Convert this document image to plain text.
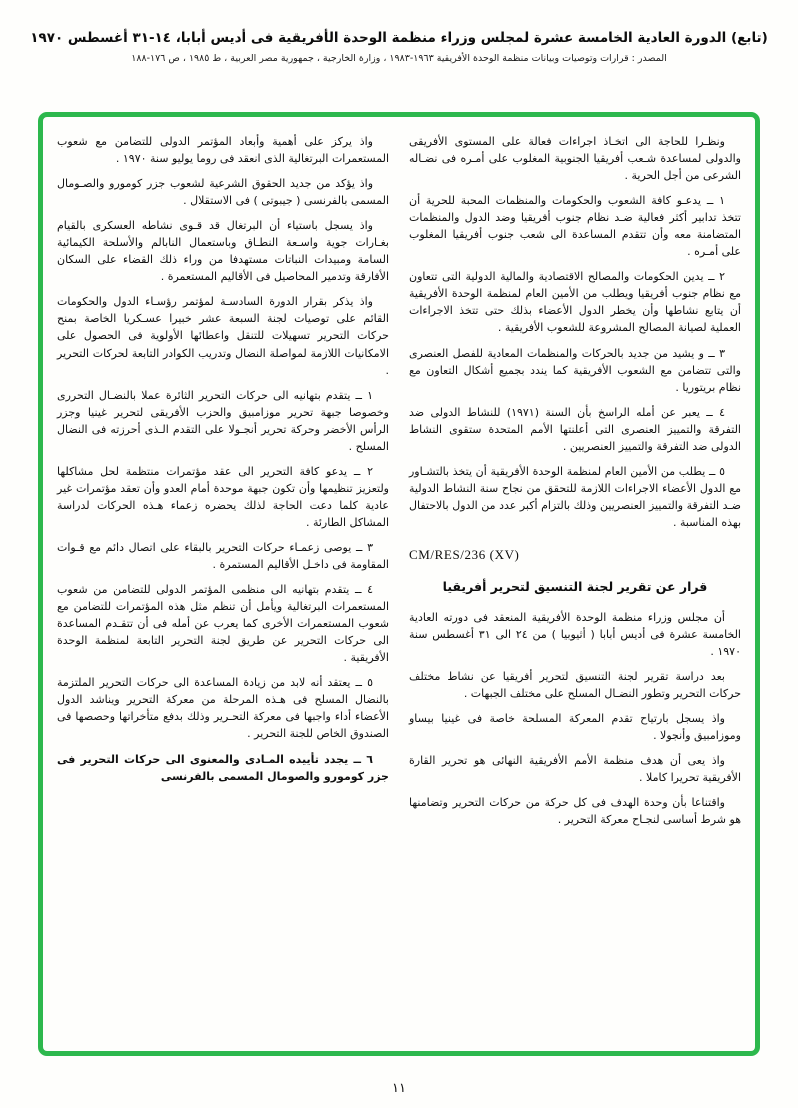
(تابع) الدورة العادية الخامسة عشرة لمجلس وزراء منظمة الوحدة الأفريقية فى أديس أبابا، ١٤-٣١ أغسطس ١٩٧٠
المصدر : قرارات وتوصيات وبيانات منظمة الوحدة الأفريقية ١٩٦٣-١٩٨٣ ، وزارة الخارجية ، جمهورية مصر العربية ، ط ١٩٨٥ ، ص ١٧٦-١٨٨

ونظـرا للحاجة الى اتخـاذ اجراءات فعالة على المستوى الأفريقى والدولى لمساعدة شـعب أفريقيا الجنوبية المغلوب على أمـره فى نضـاله الشرعى من أجل الحرية .

١ ــ يدعـو كافة الشعوب والحكومات والمنظمات المحبة للحرية أن تتخذ تدابير أكثر فعالية ضـد نظام جنوب أفريقيا وضد الدول والمنظمات المتضامنة معه وأن تتقدم المساعدة الى شعب جنوب أفريقيا المغلوب على أمـره .

٢ ــ يدين الحكومات والمصالح الاقتصادية والمالية الدولية التى تتعاون مع نظام جنوب أفريقيا ويطلب من الأمين العام لمنظمة الوحدة الأفريقية أن يتابع نشاطها وأن يخطر الدول الأعضاء بذلك حتى تتخذ الاجراءات العملية لصيانة المصالح المشروعة للشعوب الأفريقية .

٣ ــ و يشيد من جديد بالحركات والمنظمات المعادية للفصل العنصرى والتى تتضامن مع الشعوب الأفريقية كما يندد بجميع أشكال التعاون مع نظام بريتوريا .

٤ ــ يعبر عن أمله الراسخ بأن السنة (١٩٧١) للنشاط الدولى ضد التفرقة والتمييز العنصرى التى أعلنتها الأمم المتحدة ستقوى النشاط الدولى ضد التفرقة والتمييز العنصريين .

٥ ــ يطلب من الأمين العام لمنظمة الوحدة الأفريقية أن يتخذ بالتشـاور مع الدول الأعضاء الاجراءات اللازمة للتحقق من نجاح سنة النشاط الدولية ضـد التفرقة والتمييز العنصريين وذلك بالتزام أكبر عدد من الدول بالاحتفال بهذه المناسبة .

CM/RES/236 (XV)
قرار عن تقرير لجنة التنسيق لتحرير أفريقيا

أن مجلس وزراء منظمة الوحدة الأفريقية المنعقد فى دورته العادية الخامسة عشرة فى أديس أبابا ( أثيوبيا ) من ٢٤ الى ٣١ أغسطس سنة ١٩٧٠ .

بعد دراسة تقرير لجنة التنسيق لتحرير أفريقيا عن نشاط مختلف حركات التحرير وتطور النضـال المسلح على مختلف الجبهات .

واذ يسجل بارتياح تقدم المعركة المسلحة خاصة فى غينيا بيساو وموزامبيق وأنجولا .

واذ يعى أن هدف منظمة الأمم الأفريقية النهائى هو تحرير القارة الأفريقية تحريرا كاملا .

واقتناعا بأن وحدة الهدف فى كل حركة من حركات التحرير وتضامنها هو شرط أساسى لنجـاح معركة التحرير .

واذ يركز على أهمية وأبعاد المؤتمر الدولى للتضامن مع شعوب المستعمرات البرتغالية الذى انعقد فى روما يوليو سنة ١٩٧٠ .

واذ يؤكد من جديد الحقوق الشرعية لشعوب جزر كومورو والصـومال المسمى بالفرنسى ( جيبوتى ) فى الاستقلال .

واذ يسجل باستياء أن البرتغال قد قـوى نشاطه العسكرى بالقيام بغـارات جوية واسـعة النطـاق وباستعمال النابالم والأسلحة الكيمائية السامة ومبيدات النباتات مستهدفا من وراء ذلك القضاء على السكان الأفارقة وتدمير المحاصيل فى الأقاليم المستعمرة .

واذ يذكر بقرار الدورة السادسـة لمؤتمر رؤسـاء الدول والحكومات القائم على توصيات لجنة السبعة عشر خبيرا عسـكريا الخاصة بمنح حركات التحرير تسهيلات للتنقل واعطائها الأولوية فى الحصول على الامكانيات اللازمة لمواصلة النضال وتدريب الكوادر التابعة لحركات التحرير .

١ ــ يتقدم بتهانيه الى حركات التحرير الثائرة عملا بالنضـال التحررى وخصوصا جبهة تحرير موزامبيق والحزب الأفريقى لتحرير غينيا وجزر الرأس الأخضر وحركة تحرير أنجـولا على التقدم الـذى أحرزته فى النضال المسلح .

٢ ــ يدعو كافة التحرير الى عقد مؤتمرات منتظمة لحل مشاكلها ولتعزيز تنظيمها وأن تكون جبهة موحدة أمام العدو وأن تعقد مؤتمرات غير عادية كلما دعت الحاجة لذلك يحضره زعماء هـذه الحركات لدراسة المشاكل الطارئة .

٣ ــ يوصى زعمـاء حركات التحرير بالبقاء على اتصال دائم مع قـوات المقاومة فى داخـل الأقاليم المستمرة .

٤ ــ يتقدم بتهانيه الى منظمى المؤتمر الدولى للتضامن من شعوب المستعمرات البرتغالية ويأمل أن تنظم مثل هذه المؤتمرات للتضامن مع شعوب المستعمرات الأخرى كما يعرب عن أمله فى أن تتقـدم المساعدة الى حركات التحرير عن طريق لجنة التحرير التابعة لمنظمة الوحدة الأفريقية .

٥ ــ يعتقد أنه لابد من زيادة المساعدة الى حركات التحرير الملتزمة بالنضال المسلح فى هـذه المرحلة من معركة التحرير ويناشد الدول الأعضاء أداء واجبها فى معركة التحـرير وذلك بدفع متأخراتها وحصصها فى الصندوق الخاص للجنة التحرير .

٦ ــ يجدد تأييده المـادى والمعنوى الى حركات التحرير فى جزر كومورو والصومال المسمى بالفرنسى

١١
